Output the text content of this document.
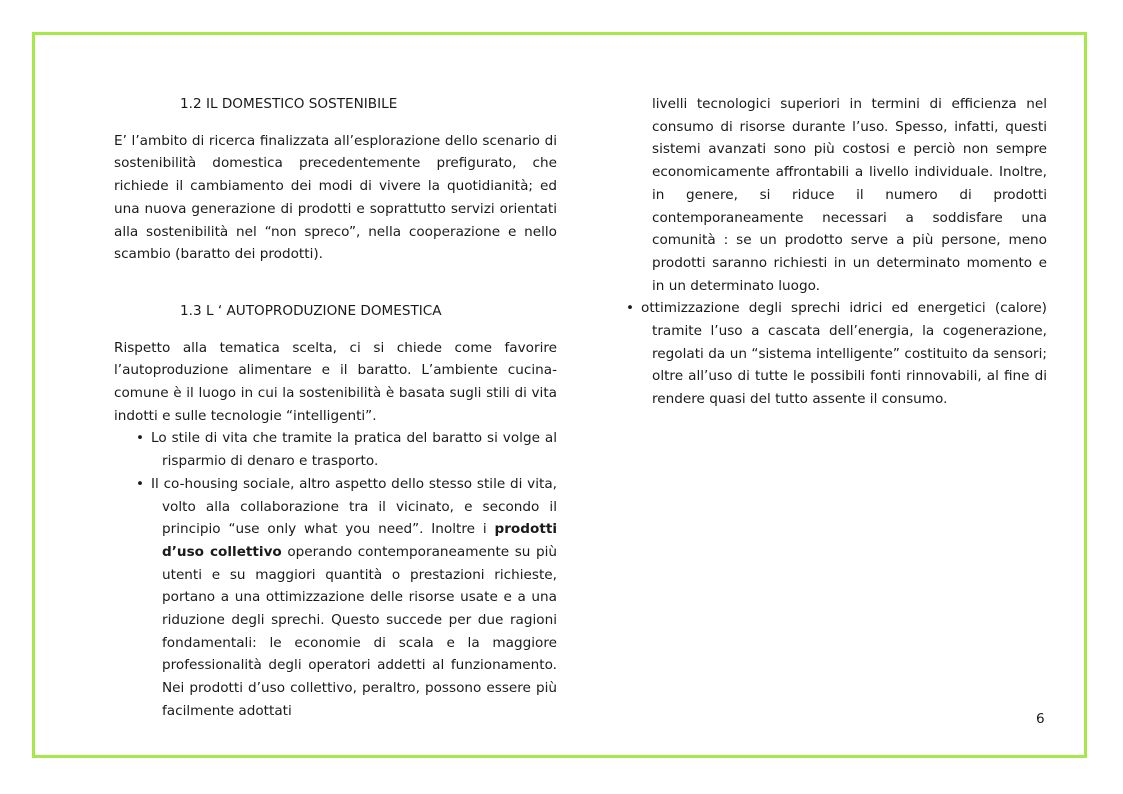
1.2 IL DOMESTICO SOSTENIBILE

E’ l’ambito di ricerca finalizzata all’esplorazione dello scenario di sostenibilità domestica precedentemente prefigurato, che richiede il cambiamento dei modi di vivere la quotidianità; ed una nuova generazione di prodotti e soprattutto servizi orientati alla sostenibilità nel “non spreco”, nella cooperazione e nello scambio (baratto dei prodotti).

1.3 L ‘ AUTOPRODUZIONE DOMESTICA

Rispetto alla tematica scelta, ci si chiede come favorire l’autoproduzione alimentare e il baratto. L’ambiente cucina-comune è il luogo in cui la sostenibilità è basata sugli stili di vita indotti e sulle tecnologie “intelligenti”.

• Lo stile di vita che tramite la pratica del baratto si volge al risparmio di denaro e trasporto.
• Il co-housing sociale, altro aspetto dello stesso stile di vita, volto alla collaborazione tra il vicinato, e secondo il principio “use only what you need”. Inoltre i prodotti d’uso collettivo operando contemporaneamente su più utenti e su maggiori quantità o prestazioni richieste, portano a una ottimizzazione delle risorse usate e a una riduzione degli sprechi. Questo succede per due ragioni fondamentali: le economie di scala e la maggiore professionalità degli operatori addetti al funzionamento. Nei prodotti d’uso collettivo, peraltro, possono essere più facilmente adottati

livelli tecnologici superiori in termini di efficienza nel consumo di risorse durante l’uso. Spesso, infatti, questi sistemi avanzati sono più costosi e perciò non sempre economicamente affrontabili a livello individuale. Inoltre, in genere, si riduce il numero di prodotti contemporaneamente necessari a soddisfare una comunità : se un prodotto serve a più persone, meno prodotti saranno richiesti in un determinato momento e in un determinato luogo.

• ottimizzazione degli sprechi idrici ed energetici (calore) tramite l’uso a cascata dell’energia, la cogenerazione, regolati da un “sistema intelligente” costituito da sensori; oltre all’uso di tutte le possibili fonti rinnovabili, al fine di rendere quasi del tutto assente il consumo.
6
